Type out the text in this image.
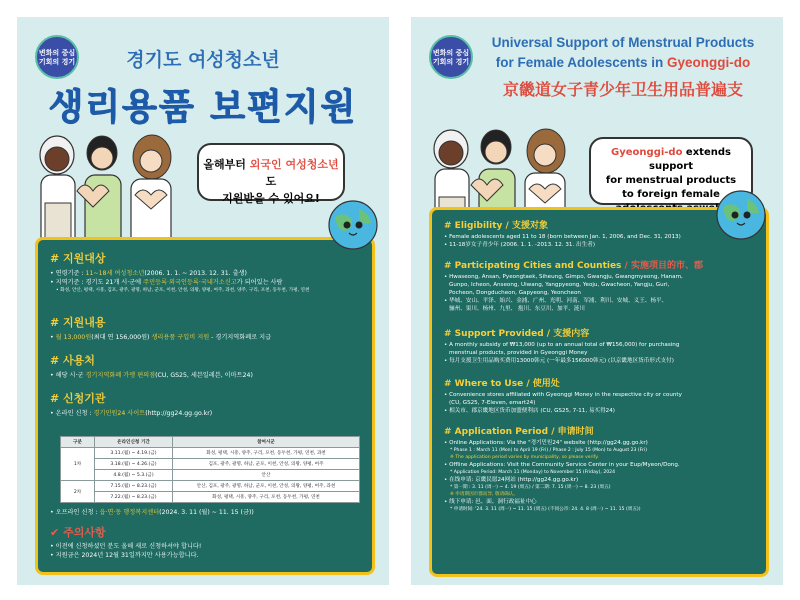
변화의 중심
기회의 경기	경기도 여성청소년
생리용품 보편지원
올해부터 외국인 여성청소년도
지원받을 수 있어요!
# 지원대상
• 연령기준 : 11~18세 여성청소년(2006. 1. 1. ~ 2013. 12. 31. 출생)
• 지역기준 : 경기도 21개 시·군에 주민등록·외국인등록·국내거소신고가 되어있는 사람
• 화성, 안산, 평택, 시흥, 김포, 광주, 광명, 하남, 군포, 이천, 안성, 의왕, 양평, 여주, 과천, 양주, 구리, 포천, 동두천, 가평, 연천
# 지원내용
• 월 13,000원(최대 연 156,000원) 생리용품 구입비 지원 - 경기지역화폐로 지급
# 사용처
• 해당 시·군 경기지역화폐 가맹 편의점(CU, GS25, 세븐일레븐, 이마트24)
# 신청기관
• 온라인 신청 : 경기민원24 사이트(http://gg24.gg.go.kr)
구분	온라인신청 기간	참여시군
1차	3.11.(월) ~ 4.19.(금)	화성, 평택, 시흥, 양주, 구리, 포천, 동두천, 가평, 연천, 과천
	3.18.(월) ~ 4.26.(금)	김포, 광주, 광명, 하남, 군포, 이천, 안성, 의왕, 양평, 여주
	4.8.(월) ~ 5.3.(금)	안산
2차	7.15.(월) ~ 8.23.(금)	안산, 김포, 광주, 광명, 하남, 군포, 이천, 안성, 의왕, 양평, 여주, 과천
	7.22.(월) ~ 8.23.(금)	화성, 평택, 시흥, 양주, 구리, 포천, 동두천, 가평, 연천
• 오프라인 신청 : 읍·면·동 행정복지센터(2024. 3. 11 (월) ~ 11. 15 (금))
✔ 주의사항
• 이전에 신청하셨던 분도 올해 새로 신청하셔야 합니다!
• 지원금은 2024년 12월 31일까지만 사용가능합니다.
변화의 중심
기회의 경기
Universal Support of Menstrual Products
for Female Adolescents in Gyeonggi-do
京畿道女子青少年卫生用品普遍支
Gyeonggi-do extends support
for menstrual products
to foreign female
# Eligibility / 支援对象
• Female adolescents aged 11 to 18 (born between Jan. 1, 2006, and Dec. 31, 2013)
• 11-18岁女子青少年 (2006. 1. 1. -2013. 12. 31. 出生者)
# Participating Cities and Counties / 实施项目的市、郡
• Hwaseong, Ansan, Pyeongtaek, Siheung, Gimpo, Gwangju, Gwangmyeong, Hanam,
Gunpo, Icheon, Anseong, Uiwang, Yangpyeong, Yeoju, Gwacheon, Yangju, Guri,
Pocheon, Dongducheon, Gapyeong, Yeoncheon
• 华城、安山、平泽、始兴、金浦、广州、光明、河南、军浦、利川、安城、义王、杨平、
骊州、果川、杨州、九里、 抱川、东豆川、加平、涟川
# Support Provided / 支援内容
• A monthly subsidy of ₩13,000 (up to an annual total of ₩156,000) for purchasing
menstrual products, provided in Gyeonggi Money
• 每月支援卫生用品购买费用13000韩元 (一年最多156000韩元) (以京畿地区货币形式支付)
# Where to Use / 使用处
• Convenience stores affiliated with Gyeonggi Money in the respective city or county
(CU, GS25, 7-Eleven, emart24)
• 相关市、郡京畿地区货币加盟便利店 (CU, GS25, 7-11, 易买得24)
# Application Period / 申请时间
• Online Applications: Via the "경기민원24" website (http://gg24.gg.go.kr)
* Phase 1 : March 11 (Mon) to April 19 (Fri) / Phase 2 : July 15 (Mon) to August 23 (Fri)
※ The application period varies by municipality, so please verify.
• Offline Applications: Visit the Community Service Center in your Eup/Myeon/Dong.
* Application Period: March 11 (Monday) to November 15 (Friday), 2024
• 在线申请: 京畿民愿24网站 (http://gg24.gg.go.kr)
* 第一期 : 3. 11 (周一) ~ 4. 19 (周五) / 第二期: 7. 15 (周一) ~ 8. 23 (周五)
※ 申请期因市郡而异, 敬请确认。
• 线下申请: 邑、面、洞行政福祉中心
* 申请时间: '24. 3. 11 (周一) ~ 11. 15 (周五) (不同公市: 24. 4. 8 (周一) ~ 11. 15 (周五))
